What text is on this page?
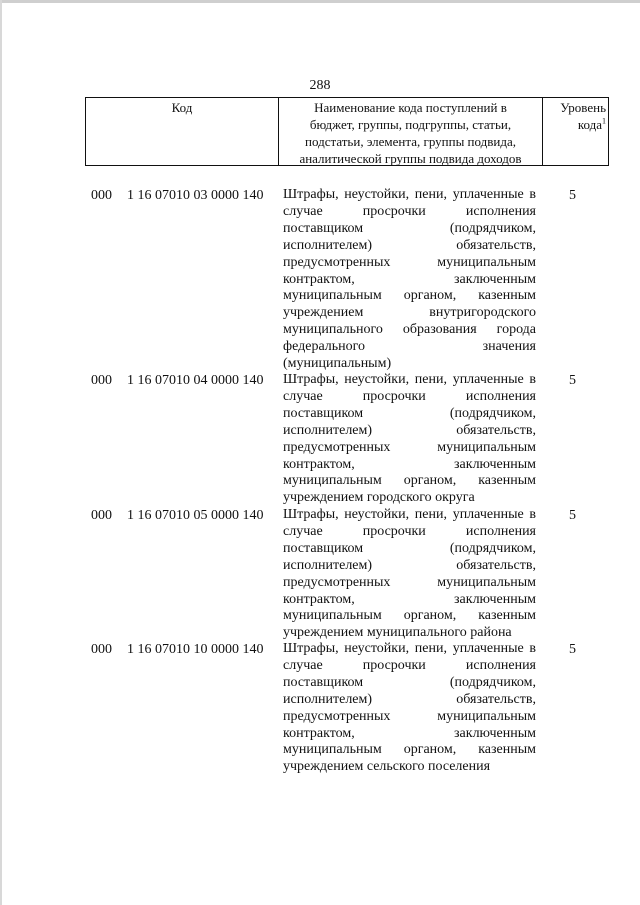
288
Код	Наименование кода поступлений в
бюджет, группы, подгруппы, статьи,
подстатьи, элемента, группы подвида,
аналитической группы подвида доходов
Уровень
кода$^1$
000 1 16 07010 03 0000 140 Штрафы, неустойки, пени, уплаченные в
случае просрочки исполнения
поставщиком (подрядчиком,
исполнителем) обязательств,
предусмотренных муниципальным
контрактом, заключенным
муниципальным органом, казенным
учреждением внутригородского
муниципального образования города
федерального значения
(муниципальным)
5
000 1 16 07010 04 0000 140 Штрафы, неустойки, пени, уплаченные в
случае просрочки исполнения
поставщиком (подрядчиком,
исполнителем) обязательств,
предусмотренных муниципальным
контрактом, заключенным
муниципальным органом, казенным
учреждением городского округа
5
000 1 16 07010 05 0000 140 Штрафы, неустойки, пени, уплаченные в
случае просрочки исполнения
поставщиком (подрядчиком,
исполнителем) обязательств,
предусмотренных муниципальным
контрактом, заключенным
муниципальным органом, казенным
учреждением муниципального района
5
000 1 16 07010 10 0000 140 Штрафы, неустойки, пени, уплаченные в
случае просрочки исполнения
поставщиком (подрядчиком,
исполнителем) обязательств,
предусмотренных муниципальным
контрактом, заключенным
муниципальным органом, казенным
учреждением сельского поселения
5
